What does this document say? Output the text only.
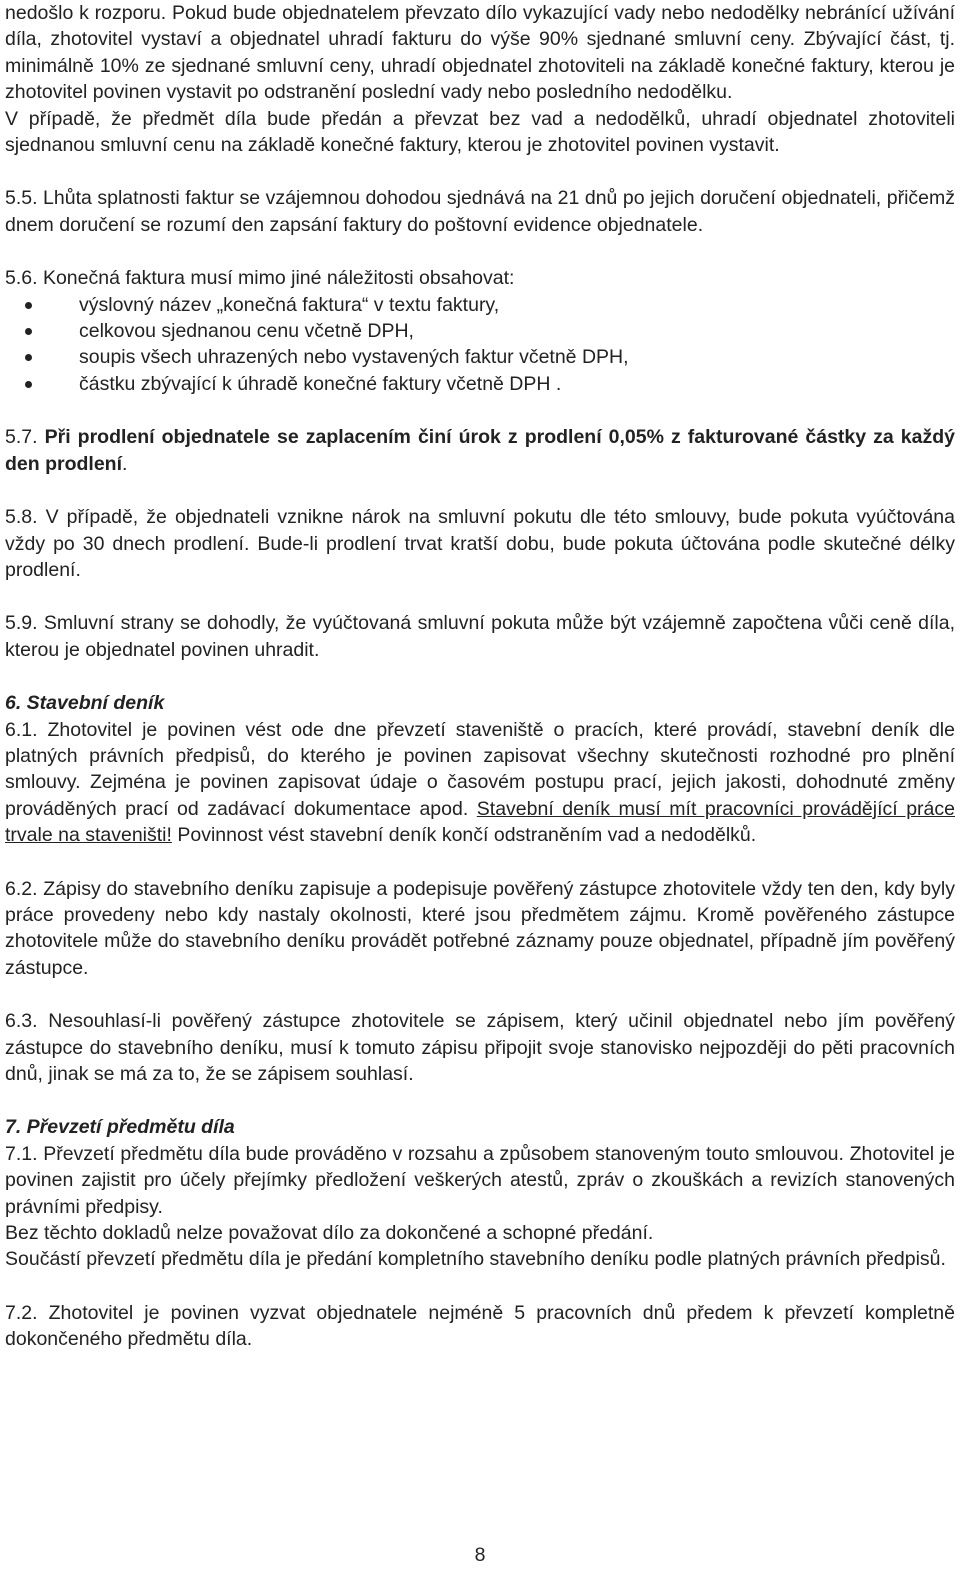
nedošlo k rozporu. Pokud bude objednatelem převzato dílo vykazující vady nebo nedodělky nebránící užívání díla, zhotovitel vystaví a objednatel uhradí fakturu do výše 90% sjednané smluvní ceny. Zbývající část, tj. minimálně 10% ze sjednané smluvní ceny, uhradí objednatel zhotoviteli na základě konečné faktury, kterou je zhotovitel povinen vystavit po odstranění poslední vady nebo posledního nedodělku.

V případě, že předmět díla bude předán a převzat bez vad a nedodělků, uhradí objednatel zhotoviteli sjednanou smluvní cenu na základě konečné faktury, kterou je zhotovitel povinen vystavit.

5.5. Lhůta splatnosti faktur se vzájemnou dohodou sjednává na 21 dnů po jejich doručení objednateli, přičemž dnem doručení se rozumí den zapsání faktury do poštovní evidence objednatele.

5.6. Konečná faktura musí mimo jiné náležitosti obsahovat:

výslovný název „konečná faktura“ v textu faktury,
celkovou sjednanou cenu včetně DPH,
soupis všech uhrazených nebo vystavených faktur včetně DPH,
částku zbývající k úhradě konečné faktury včetně DPH .

5.7. Při prodlení objednatele se zaplacením činí úrok z prodlení 0,05% z fakturované částky za každý den prodlení.

5.8. V případě, že objednateli vznikne nárok na smluvní pokutu dle této smlouvy, bude pokuta vyúčtována vždy po 30 dnech prodlení. Bude-li prodlení trvat kratší dobu, bude pokuta účtována podle skutečné délky prodlení.

5.9. Smluvní strany se dohodly, že vyúčtovaná smluvní pokuta může být vzájemně započtena vůči ceně díla, kterou je objednatel povinen uhradit.

6. Stavební deník

6.1. Zhotovitel je povinen vést ode dne převzetí staveniště o pracích, které provádí, stavební deník dle platných právních předpisů, do kterého je povinen zapisovat všechny skutečnosti rozhodné pro plnění smlouvy. Zejména je povinen zapisovat údaje o časovém postupu prací, jejich jakosti, dohodnuté změny prováděných prací od zadávací dokumentace apod. Stavební deník musí mít pracovníci provádějící práce trvale na staveništi! Povinnost vést stavební deník končí odstraněním vad a nedodělků.

6.2. Zápisy do stavebního deníku zapisuje a podepisuje pověřený zástupce zhotovitele vždy ten den, kdy byly práce provedeny nebo kdy nastaly okolnosti, které jsou předmětem zájmu. Kromě pověřeného zástupce zhotovitele může do stavebního deníku provádět potřebné záznamy pouze objednatel, případně jím pověřený zástupce.

6.3. Nesouhlasí-li pověřený zástupce zhotovitele se zápisem, který učinil objednatel nebo jím pověřený zástupce do stavebního deníku, musí k tomuto zápisu připojit svoje stanovisko nejpozději do pěti pracovních dnů, jinak se má za to, že se zápisem souhlasí.

7. Převzetí předmětu díla

7.1. Převzetí předmětu díla bude prováděno v rozsahu a způsobem stanoveným touto smlouvou. Zhotovitel je povinen zajistit pro účely přejímky předložení veškerých atestů, zpráv o zkouškách a revizích stanovených právními předpisy.

Bez těchto dokladů nelze považovat dílo za dokončené a schopné předání.

Součástí převzetí předmětu díla je předání kompletního stavebního deníku podle platných právních předpisů.

7.2. Zhotovitel je povinen vyzvat objednatele nejméně 5 pracovních dnů předem k převzetí kompletně dokončeného předmětu díla.

8
